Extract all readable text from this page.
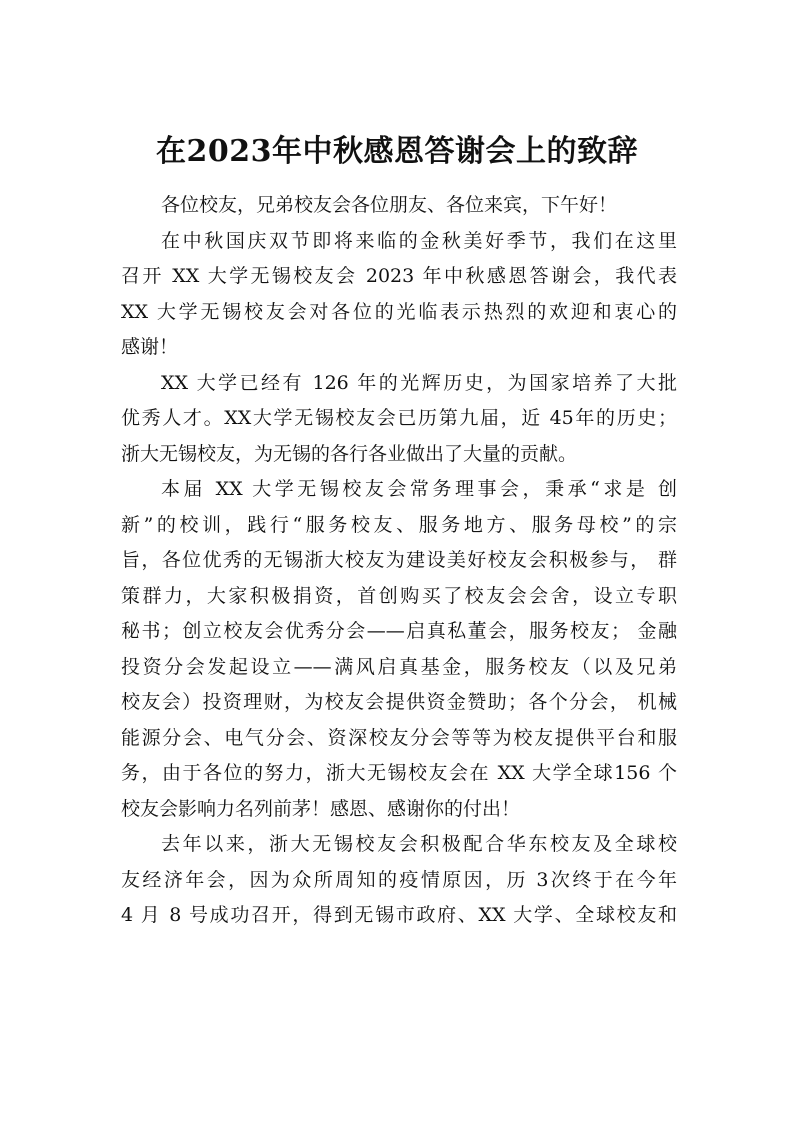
在2023年中秋感恩答谢会上的致辞
各位校友，兄弟校友会各位朋友、各位来宾，下午好！
在中秋国庆双节即将来临的金秋美好季节，我们在这里
召开 XX 大学无锡校友会 2023 年中秋感恩答谢会，我代表
XX 大学无锡校友会对各位的光临表示热烈的欢迎和衷心的
感谢！
XX 大学已经有 126 年的光辉历史，为国家培养了大批
优秀人才。XX大学无锡校友会已历第九届，近 45年的历史；
浙大无锡校友，为无锡的各行各业做出了大量的贡献。
本届 XX 大学无锡校友会常务理事会，秉承“求是 创
新”的校训，践行“服务校友、服务地方、服务母校”的宗
旨，各位优秀的无锡浙大校友为建设美好校友会积极参与， 群
策群力，大家积极捐资，首创购买了校友会会舍，设立专职
秘书；创立校友会优秀分会——启真私董会，服务校友； 金融
投资分会发起设立——满风启真基金，服务校友（以及兄弟
校友会）投资理财，为校友会提供资金赞助；各个分会， 机械
能源分会、电气分会、资深校友分会等等为校友提供平台和服
务，由于各位的努力，浙大无锡校友会在 XX 大学全球156 个
校友会影响力名列前茅！感恩、感谢你的付出！
去年以来，浙大无锡校友会积极配合华东校友及全球校
友经济年会，因为众所周知的疫情原因，历 3次终于在今年
4 月 8 号成功召开，得到无锡市政府、XX 大学、全球校友和
